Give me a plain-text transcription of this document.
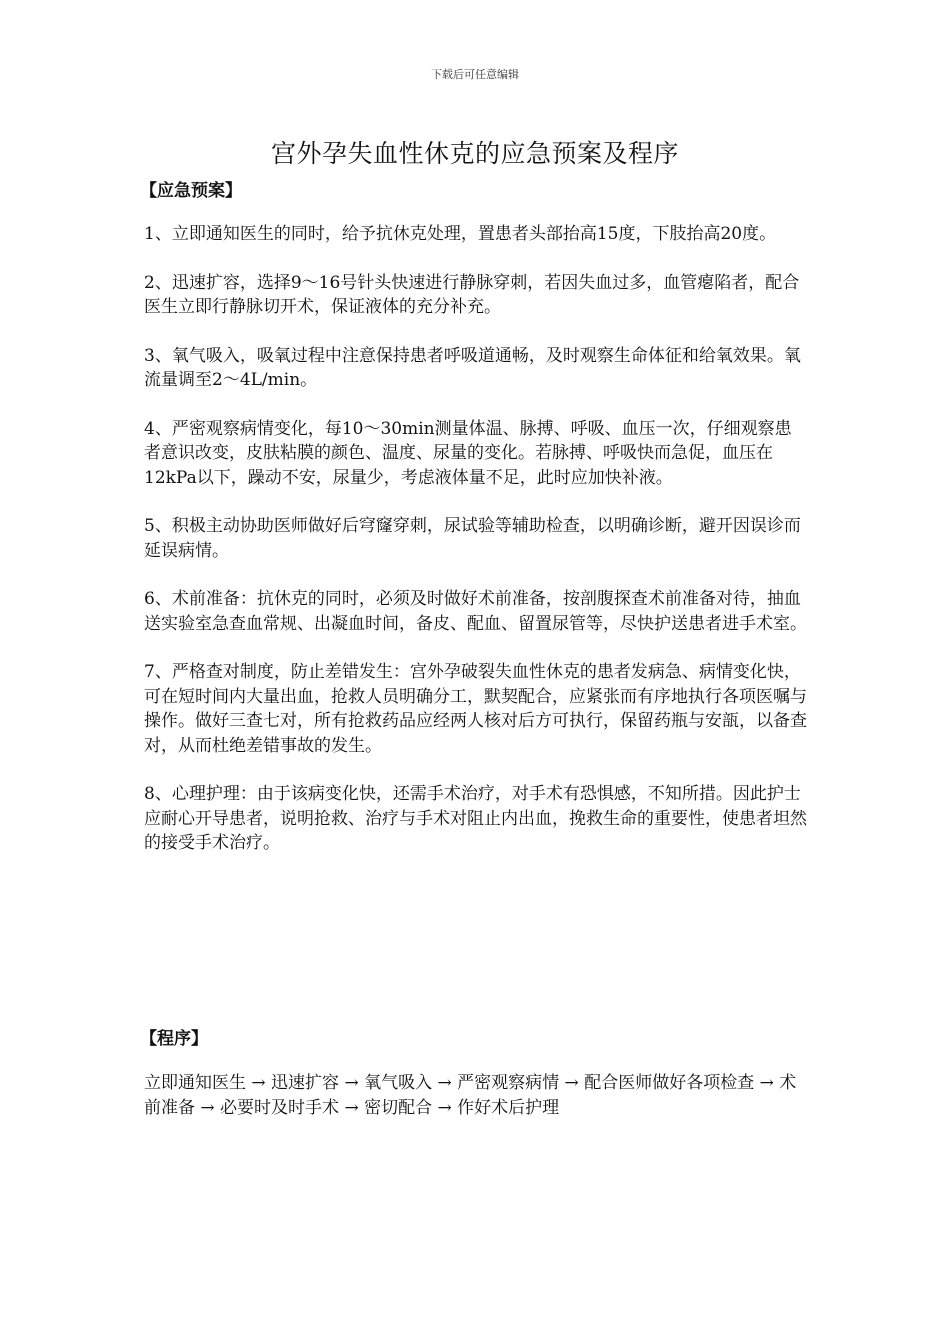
下载后可任意编辑
宫外孕失血性休克的应急预案及程序
【应急预案】

1、立即通知医生的同时，给予抗休克处理，置患者头部抬高15度，下肢抬高20度。

2、迅速扩容，选择9～16号针头快速进行静脉穿刺，若因失血过多，血管瘪陷者，配合医生立即行静脉切开术，保证液体的充分补充。

3、氧气吸入，吸氧过程中注意保持患者呼吸道通畅，及时观察生命体征和给氧效果。氧流量调至2～4L/min。

4、严密观察病情变化，每10～30min测量体温、脉搏、呼吸、血压一次，仔细观察患者意识改变，皮肤粘膜的颜色、温度、尿量的变化。若脉搏、呼吸快而急促，血压在12kPa以下，躁动不安，尿量少，考虑液体量不足，此时应加快补液。

5、积极主动协助医师做好后穹窿穿刺，尿试验等辅助检查，以明确诊断，避开因误诊而延误病情。

6、术前准备：抗休克的同时，必须及时做好术前准备，按剖腹探查术前准备对待，抽血送实验室急查血常规、出凝血时间，备皮、配血、留置尿管等，尽快护送患者进手术室。

7、严格查对制度，防止差错发生：宫外孕破裂失血性休克的患者发病急、病情变化快，可在短时间内大量出血，抢救人员明确分工，默契配合，应紧张而有序地执行各项医嘱与操作。做好三查七对，所有抢救药品应经两人核对后方可执行，保留药瓶与安瓿，以备查对，从而杜绝差错事故的发生。

8、心理护理：由于该病变化快，还需手术治疗，对手术有恐惧感，不知所措。因此护士应耐心开导患者，说明抢救、治疗与手术对阻止内出血，挽救生命的重要性，使患者坦然的接受手术治疗。

【程序】
立即通知医生 → 迅速扩容 → 氧气吸入 → 严密观察病情 → 配合医师做好各项检查 → 术前准备 → 必要时及时手术 → 密切配合 → 作好术后护理
